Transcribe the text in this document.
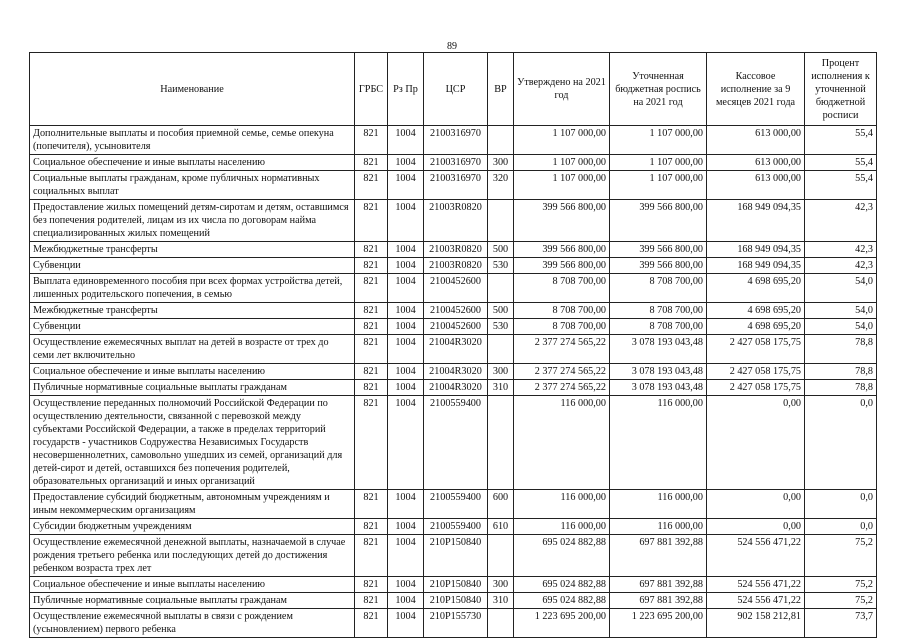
89
Наименование	ГРБС	Рз Пр	ЦСР	ВР	Утверждено на 2021 год	Уточненная бюджетная роспись на 2021 год	Кассовое исполнение за 9 месяцев 2021 года	Процент исполнения к уточненной бюджетной росписи
Дополнительные выплаты и пособия приемной семье, семье опекуна (попечителя), усыновителя	821	1004	2100316970		1 107 000,00	1 107 000,00	613 000,00	55,4
Социальное обеспечение и иные выплаты населению	821	1004	2100316970	300	1 107 000,00	1 107 000,00	613 000,00	55,4
Социальные выплаты гражданам, кроме публичных нормативных социальных выплат	821	1004	2100316970	320	1 107 000,00	1 107 000,00	613 000,00	55,4
Предоставление жилых помещений детям-сиротам и детям, оставшимся без попечения родителей, лицам из их числа по договорам найма специализированных жилых помещений	821	1004	21003R0820		399 566 800,00	399 566 800,00	168 949 094,35	42,3
Межбюджетные трансферты	821	1004	21003R0820	500	399 566 800,00	399 566 800,00	168 949 094,35	42,3
Субвенции	821	1004	21003R0820	530	399 566 800,00	399 566 800,00	168 949 094,35	42,3
Выплата единовременного пособия при всех формах устройства детей, лишенных родительского попечения, в семью	821	1004	2100452600		8 708 700,00	8 708 700,00	4 698 695,20	54,0
Межбюджетные трансферты	821	1004	2100452600	500	8 708 700,00	8 708 700,00	4 698 695,20	54,0
Субвенции	821	1004	2100452600	530	8 708 700,00	8 708 700,00	4 698 695,20	54,0
Осуществление ежемесячных выплат на детей в возрасте от трех до семи лет включительно	821	1004	21004R3020		2 377 274 565,22	3 078 193 043,48	2 427 058 175,75	78,8
Социальное обеспечение и иные выплаты населению	821	1004	21004R3020	300	2 377 274 565,22	3 078 193 043,48	2 427 058 175,75	78,8
Публичные нормативные социальные выплаты гражданам	821	1004	21004R3020	310	2 377 274 565,22	3 078 193 043,48	2 427 058 175,75	78,8
Осуществление переданных полномочий Российской Федерации по осуществлению деятельности, связанной с перевозкой между субъектами Российской Федерации, а также в пределах территорий государств - участников Содружества Независимых Государств несовершеннолетних, самовольно ушедших из семей, организаций для детей-сирот и детей, оставшихся без попечения родителей, образовательных организаций и иных организаций	821	1004	2100559400		116 000,00	116 000,00	0,00	0,0
Предоставление субсидий бюджетным, автономным учреждениям и иным некоммерческим организациям	821	1004	2100559400	600	116 000,00	116 000,00	0,00	0,0
Субсидии бюджетным учреждениям	821	1004	2100559400	610	116 000,00	116 000,00	0,00	0,0
Осуществление ежемесячной денежной выплаты, назначаемой в случае рождения третьего ребенка или последующих детей до достижения ребенком возраста трех лет	821	1004	210P150840		695 024 882,88	697 881 392,88	524 556 471,22	75,2
Социальное обеспечение и иные выплаты населению	821	1004	210P150840	300	695 024 882,88	697 881 392,88	524 556 471,22	75,2
Публичные нормативные социальные выплаты гражданам	821	1004	210P150840	310	695 024 882,88	697 881 392,88	524 556 471,22	75,2
Осуществление ежемесячной выплаты в связи с рождением (усыновлением) первого ребенка	821	1004	210P155730		1 223 695 200,00	1 223 695 200,00	902 158 212,81	73,7
